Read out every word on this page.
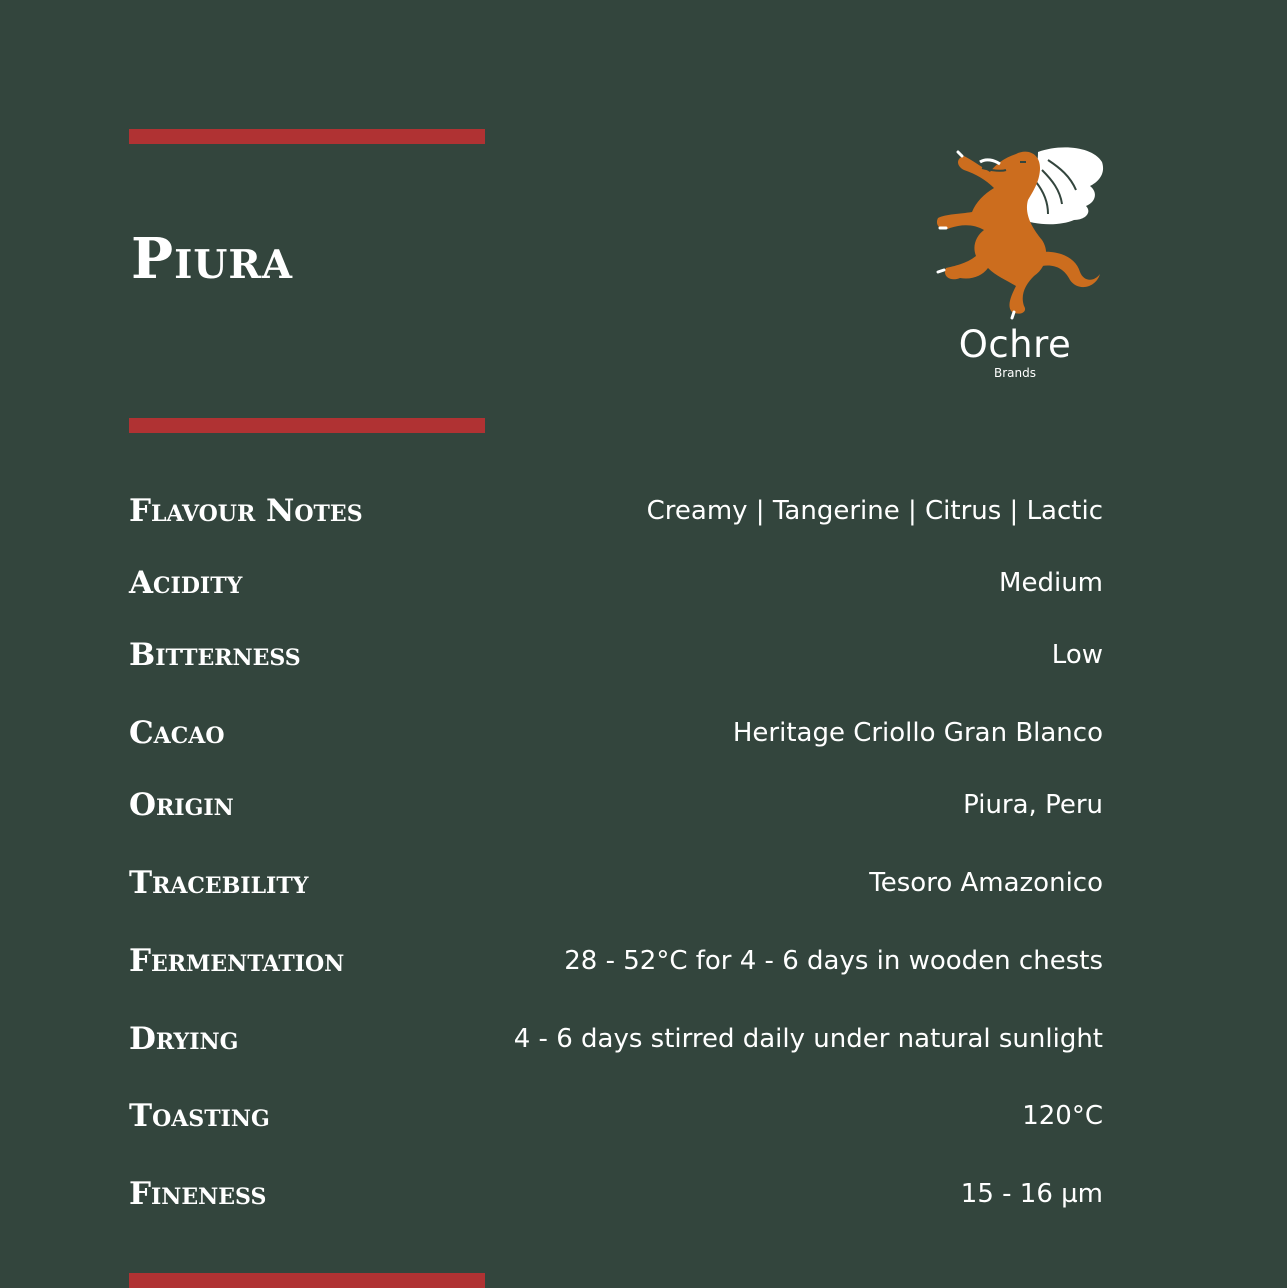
Piura
Ochre
Brands
Flavour Notes	Creamy | Tangerine | Citrus | Lactic
Acidity	Medium
Bitterness	Low
Cacao	Heritage Criollo Gran Blanco
Origin	Piura, Peru
Tracebility	Tesoro Amazonico
Fermentation	28 - 52°C for 4 - 6 days in wooden chests
Drying	4 - 6 days stirred daily under natural sunlight
Toasting	120°C
Fineness	15 - 16 µm
